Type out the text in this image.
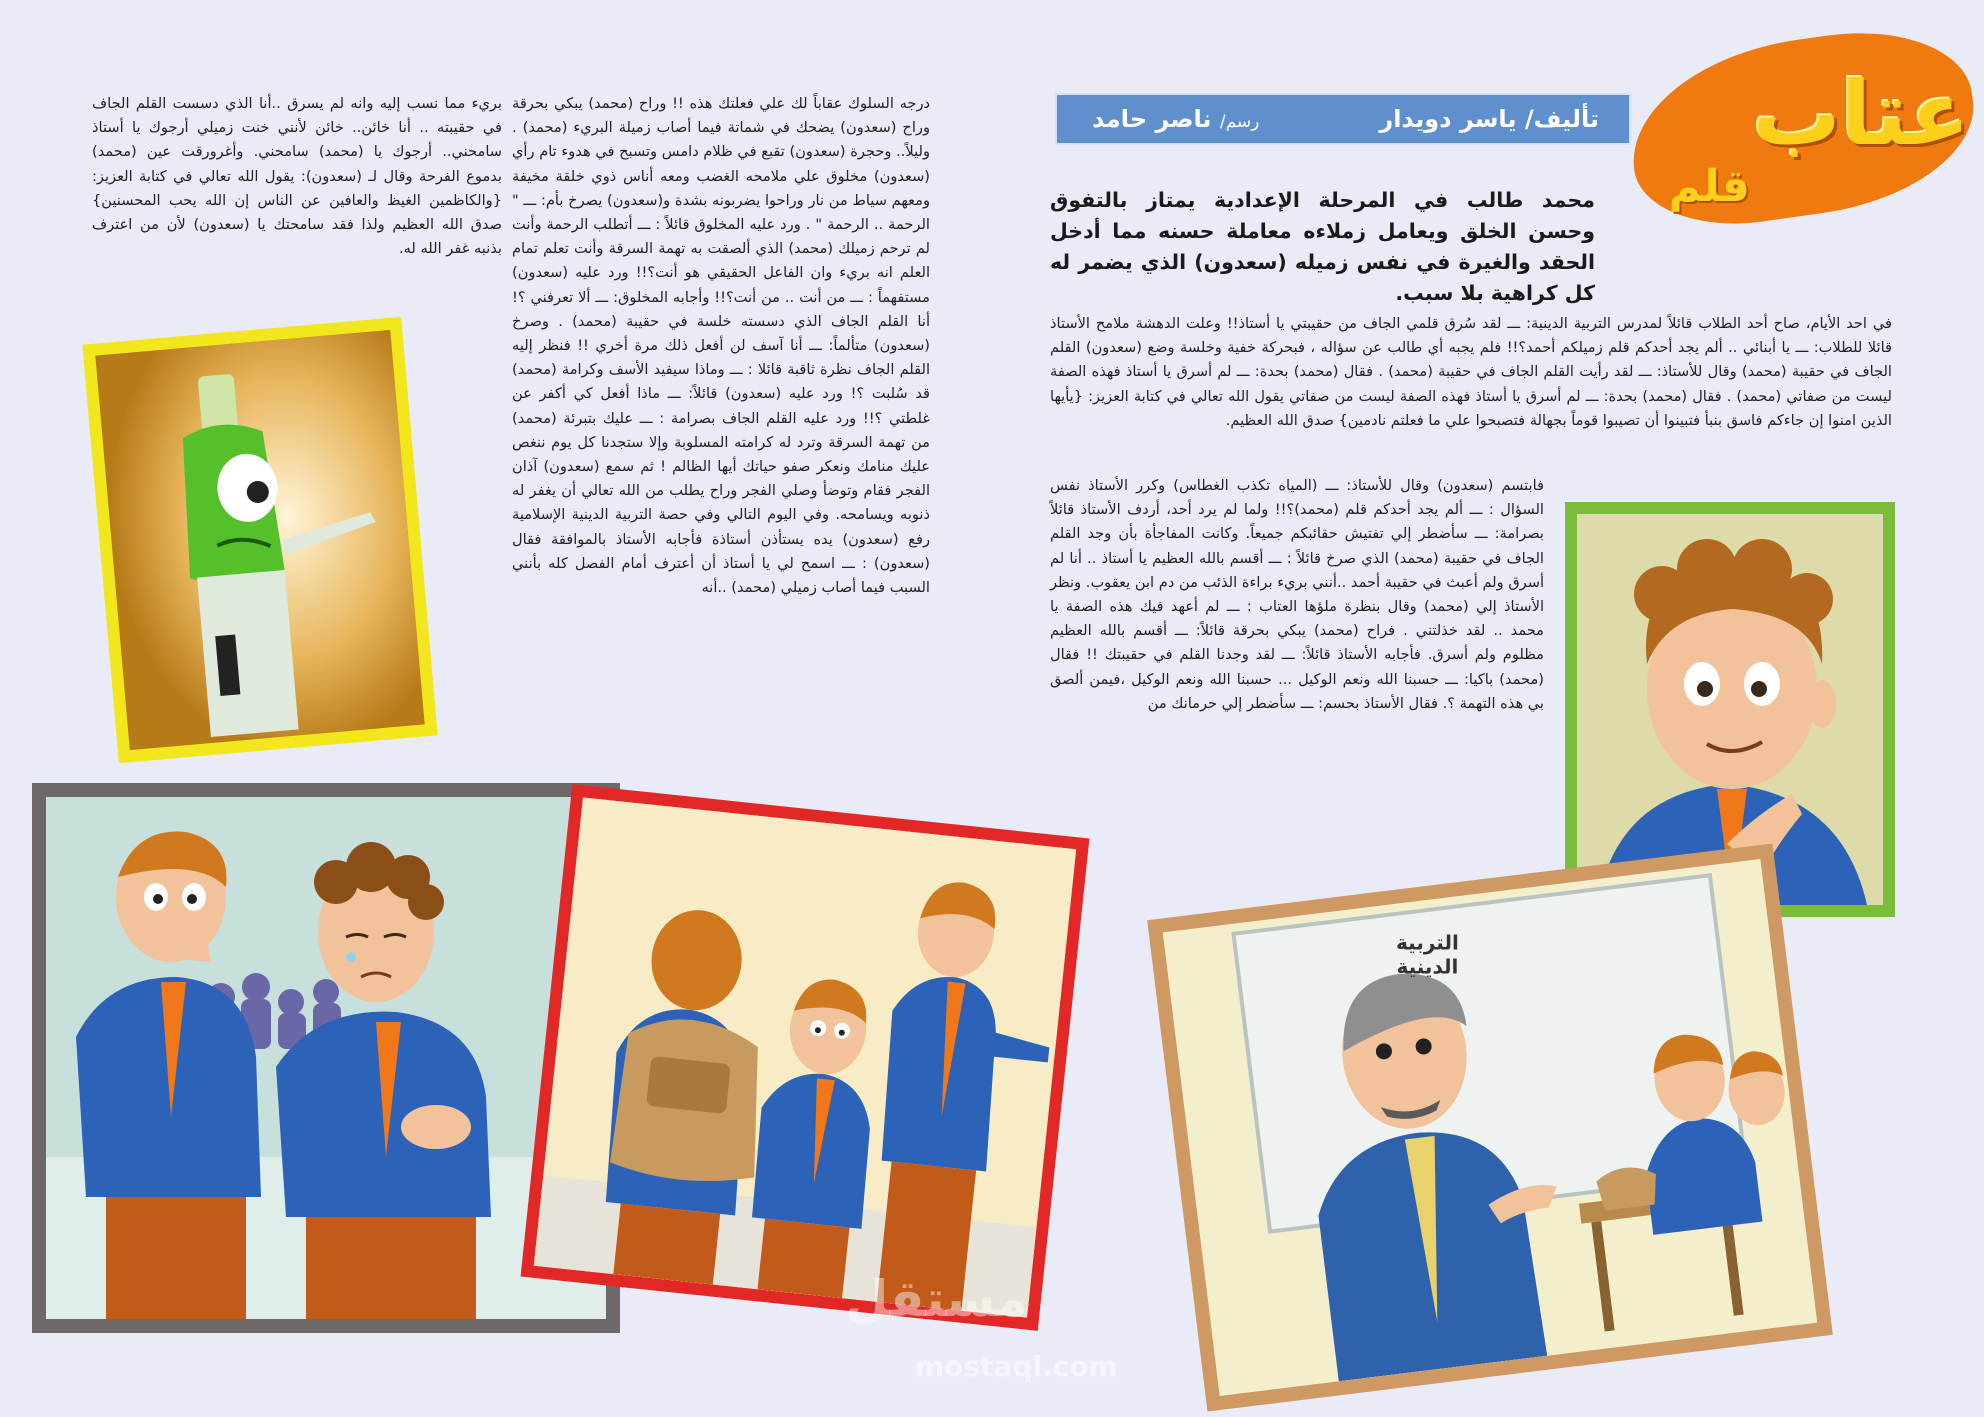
عتاب
قلم
تأليف/ ياسر دويدار
رسم/ ناصر حامد
محمد طالب في المرحلة الإعدادية يمتاز بالتفوق وحسن الخلق ويعامل زملاءه معاملة حسنه مما أدخل الحقد والغيرة في نفس زميله (سعدون) الذي يضمر له كل كراهية بلا سبب.
في احد الأيام، صاح أحد الطلاب قائلاً لمدرس التربية الدينية: ـــ لقد سُرق قلمي الجاف من حقيبتي يا أستاذ!! وعلت الدهشة ملامح الأستاذ قائلا للطلاب: ـــ يا أبنائي .. ألم يجد أحدكم قلم زميلكم أحمد؟!! فلم يجبه أي طالب عن سؤاله ، فبحركة خفية وخلسة وضع (سعدون) القلم الجاف في حقيبة (محمد) وقال للأستاذ: ـــ لقد رأيت القلم الجاف في حقيبة (محمد) . فقال (محمد) بحدة: ـــ لم أسرق يا أستاذ فهذه الصفة ليست من صفاتي (محمد) . فقال (محمد) بحدة: ـــ لم أسرق يا أستاذ فهذه الصفة ليست من صفاتي يقول الله تعالي في كتابة العزيز: {يأيها الذين امنوا إن جاءكم فاسق بنبأ فتبينوا أن تصيبوا قوماً بجهالة فتصبحوا علي ما فعلتم نادمين} صدق الله العظيم.
فابتسم (سعدون) وقال للأستاذ: ـــ (المياه تكذب الغطاس) وكرر الأستاذ نفس السؤال : ـــ ألم يجد أحدكم قلم (محمد)؟!! ولما لم يرد أحد، أردف الأستاذ قائلاً بصرامة: ـــ سأضطر إلي تفتيش حقائبكم جميعاً. وكانت المفاجأة بأن وجد القلم الجاف في حقيبة (محمد) الذي صرخ قائلاً : ـــ أقسم بالله العظيم يا أستاذ .. أنا لم أسرق ولم أعبث في حقيبة أحمد ..أنني بريء براءة الذئب من دم ابن يعقوب. ونظر الأستاذ إلي (محمد) وقال بنظرة ملؤها العتاب : ـــ لم أعهد فيك هذه الصفة يا محمد .. لقد خذلتني . فراح (محمد) يبكي بحرقة قائلاً: ـــ أقسم بالله العظيم مظلوم ولم أسرق. فأجابه الأستاذ قائلاً: ـــ لقد وجدنا القلم في حقيبتك !! فقال (محمد) باكيا: ـــ حسبنا الله ونعم الوكيل ... حسبنا الله ونعم الوكيل ،فيمن ألصق بي هذه التهمة ؟. فقال الأستاذ بحسم: ـــ سأضطر إلي حرمانك من
درجه السلوك عقاباً لك علي فعلتك هذه !! وراح (محمد) يبكي بحرقة وراح (سعدون) يضحك في شماتة فيما أصاب زميلة البريء (محمد) . وليلاً.. وحجرة (سعدون) تقبع في ظلام دامس وتسبح في هدوء تام رأي (سعدون) مخلوق علي ملامحه الغضب ومعه أناس ذوي خلقة مخيفة ومعهم سياط من نار وراحوا يضربونه بشدة و(سعدون) يصرخ بأم: ـــ " الرحمة .. الرحمة " . ورد عليه المخلوق قائلاً : ـــ أتطلب الرحمة وأنت لم ترحم زميلك (محمد) الذي ألصقت به تهمة السرقة وأنت تعلم تمام العلم انه بريء وان الفاعل الحقيقي هو أنت؟!! ورد عليه (سعدون) مستفهماً : ـــ من أنت .. من أنت؟!! وأجابه المخلوق: ـــ ألا تعرفني ؟! أنا القلم الجاف الذي دسسته خلسة في حقيبة (محمد) . وصرخ (سعدون) متألماً: ـــ أنا آسف لن أفعل ذلك مرة أخري !! فنظر إليه القلم الجاف نظرة ثاقبة قائلا : ـــ وماذا سيفيد الأسف وكرامة (محمد) قد سُلبت ؟! ورد عليه (سعدون) قائلاً: ـــ ماذا أفعل كي أكفر عن غلطتي ؟!! ورد عليه القلم الجاف بصرامة : ـــ عليك بتبرئة (محمد) من تهمة السرقة وترد له كرامته المسلوبة وإلا ستجدنا كل يوم ننغص عليك منامك ونعكر صفو حياتك أيها الظالم ! ثم سمع (سعدون) آذان الفجر فقام وتوضأ وصلي الفجر وراح يطلب من الله تعالي أن يغفر له ذنوبه ويسامحه. وفي اليوم التالي وفي حصة التربية الدينية الإسلامية رفع (سعدون) يده يستأذن أستاذة فأجابه الأستاذ بالموافقة فقال (سعدون) : ـــ اسمح لي يا أستاذ أن أعترف أمام الفصل كله بأنني السبب فيما أصاب زميلي (محمد) ..أنه
بريء مما نسب إليه وانه لم يسرق ..أنا الذي دسست القلم الجاف في حقيبته .. أنا خائن.. خائن لأنني خنت زميلي أرجوك يا أستاذ سامحني.. أرجوك يا (محمد) سامحني. وأغرورقت عين (محمد) بدموع الفرحة وقال لـ (سعدون): يقول الله تعالي في كتابة العزيز: {والكاظمين الغيظ والعافين عن الناس إن الله يحب المحسنين}صدق الله العظيم ولذا فقد سامحتك يا (سعدون) لأن من اعترف بذنبه غفر الله له.
التربية الدينية
مستقل
mostaql.com
